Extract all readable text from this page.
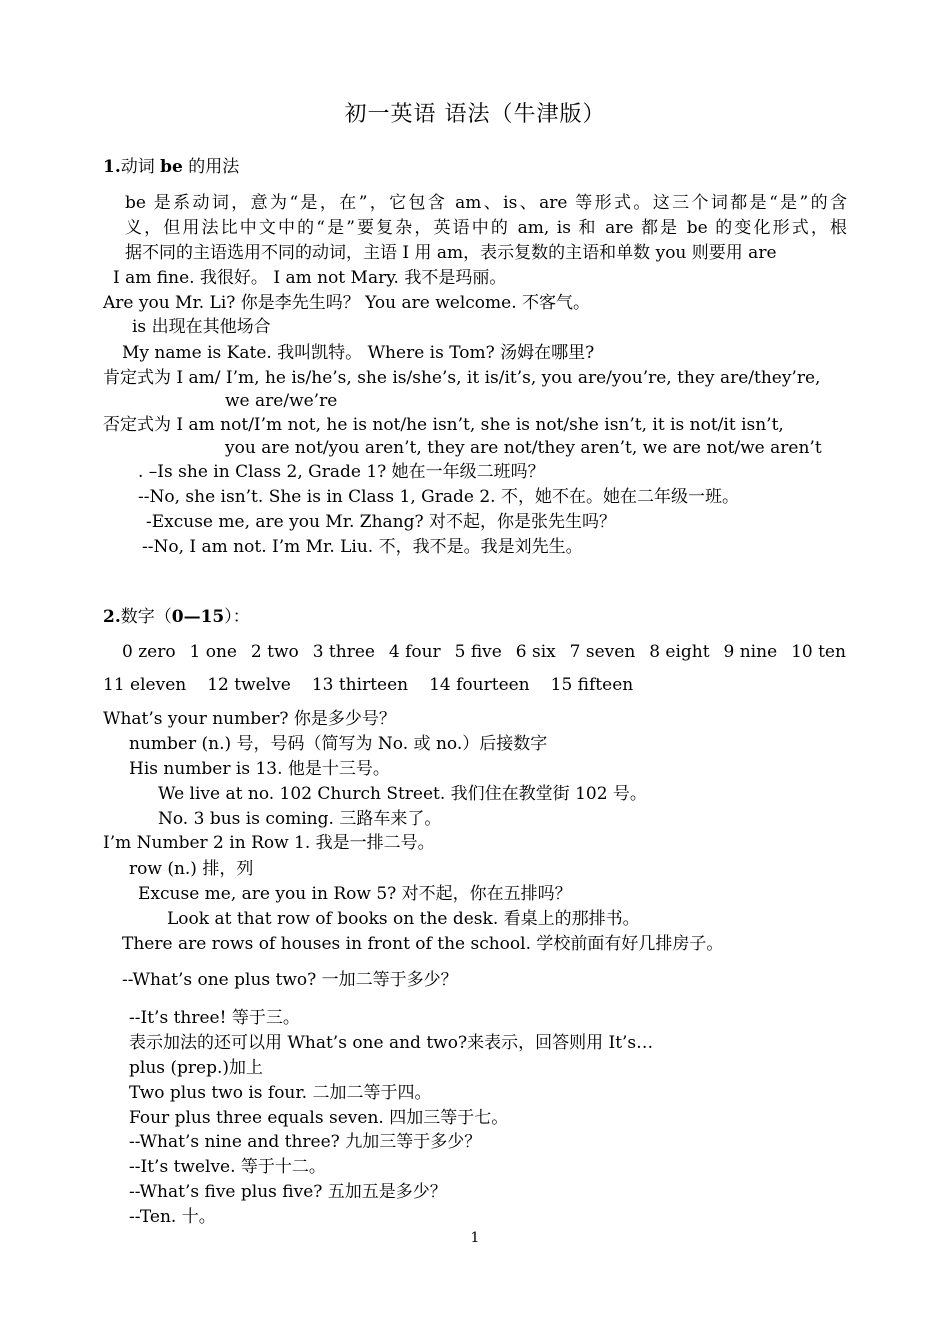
初一英语 语法（牛津版）
1.动词 be 的用法
be 是系动词，意为“是，在”，它包含 am、is、are 等形式。这三个词都是“是”的含
义，但用法比中文中的“是”要复杂，英语中的 am, is 和 are 都是 be 的变化形式，根
据不同的主语选用不同的动词，主语 I 用 am，表示复数的主语和单数 you 则要用 are
I am fine. 我很好。 I am not Mary. 我不是玛丽。
Are you Mr. Li? 你是李先生吗？ You are welcome. 不客气。
is 出现在其他场合
My name is Kate. 我叫凯特。 Where is Tom? 汤姆在哪里?
肯定式为 I am/ I’m, he is/he’s, she is/she’s, it is/it’s, you are/you’re, they are/they’re,
we are/we’re
否定式为 I am not/I’m not, he is not/he isn’t, she is not/she isn’t, it is not/it isn’t,
you are not/you aren’t, they are not/they aren’t, we are not/we aren’t
. –Is she in Class 2, Grade 1? 她在一年级二班吗？
--No, she isn’t. She is in Class 1, Grade 2. 不，她不在。她在二年级一班。
-Excuse me, are you Mr. Zhang? 对不起，你是张先生吗？
--No, I am not. I’m Mr. Liu. 不，我不是。我是刘先生。
2.数字（0—15）：
0 zero 1 one 2 two 3 three 4 four 5 five 6 six 7 seven 8 eight 9 nine 10 ten
11 eleven 12 twelve 13 thirteen 14 fourteen 15 fifteen
What’s your number? 你是多少号？
number (n.) 号，号码（简写为 No. 或 no.）后接数字
His number is 13. 他是十三号。
We live at no. 102 Church Street. 我们住在教堂街 102 号。
No. 3 bus is coming. 三路车来了。
I’m Number 2 in Row 1. 我是一排二号。
row (n.) 排，列
Excuse me, are you in Row 5? 对不起，你在五排吗？
Look at that row of books on the desk. 看桌上的那排书。
There are rows of houses in front of the school. 学校前面有好几排房子。
--What’s one plus two? 一加二等于多少？
--It’s three! 等于三。
表示加法的还可以用 What’s one and two?来表示，回答则用 It’s…
plus (prep.)加上
Two plus two is four. 二加二等于四。
Four plus three equals seven. 四加三等于七。
--What’s nine and three? 九加三等于多少？
--It’s twelve. 等于十二。
--What’s five plus five? 五加五是多少？
--Ten. 十。
1
